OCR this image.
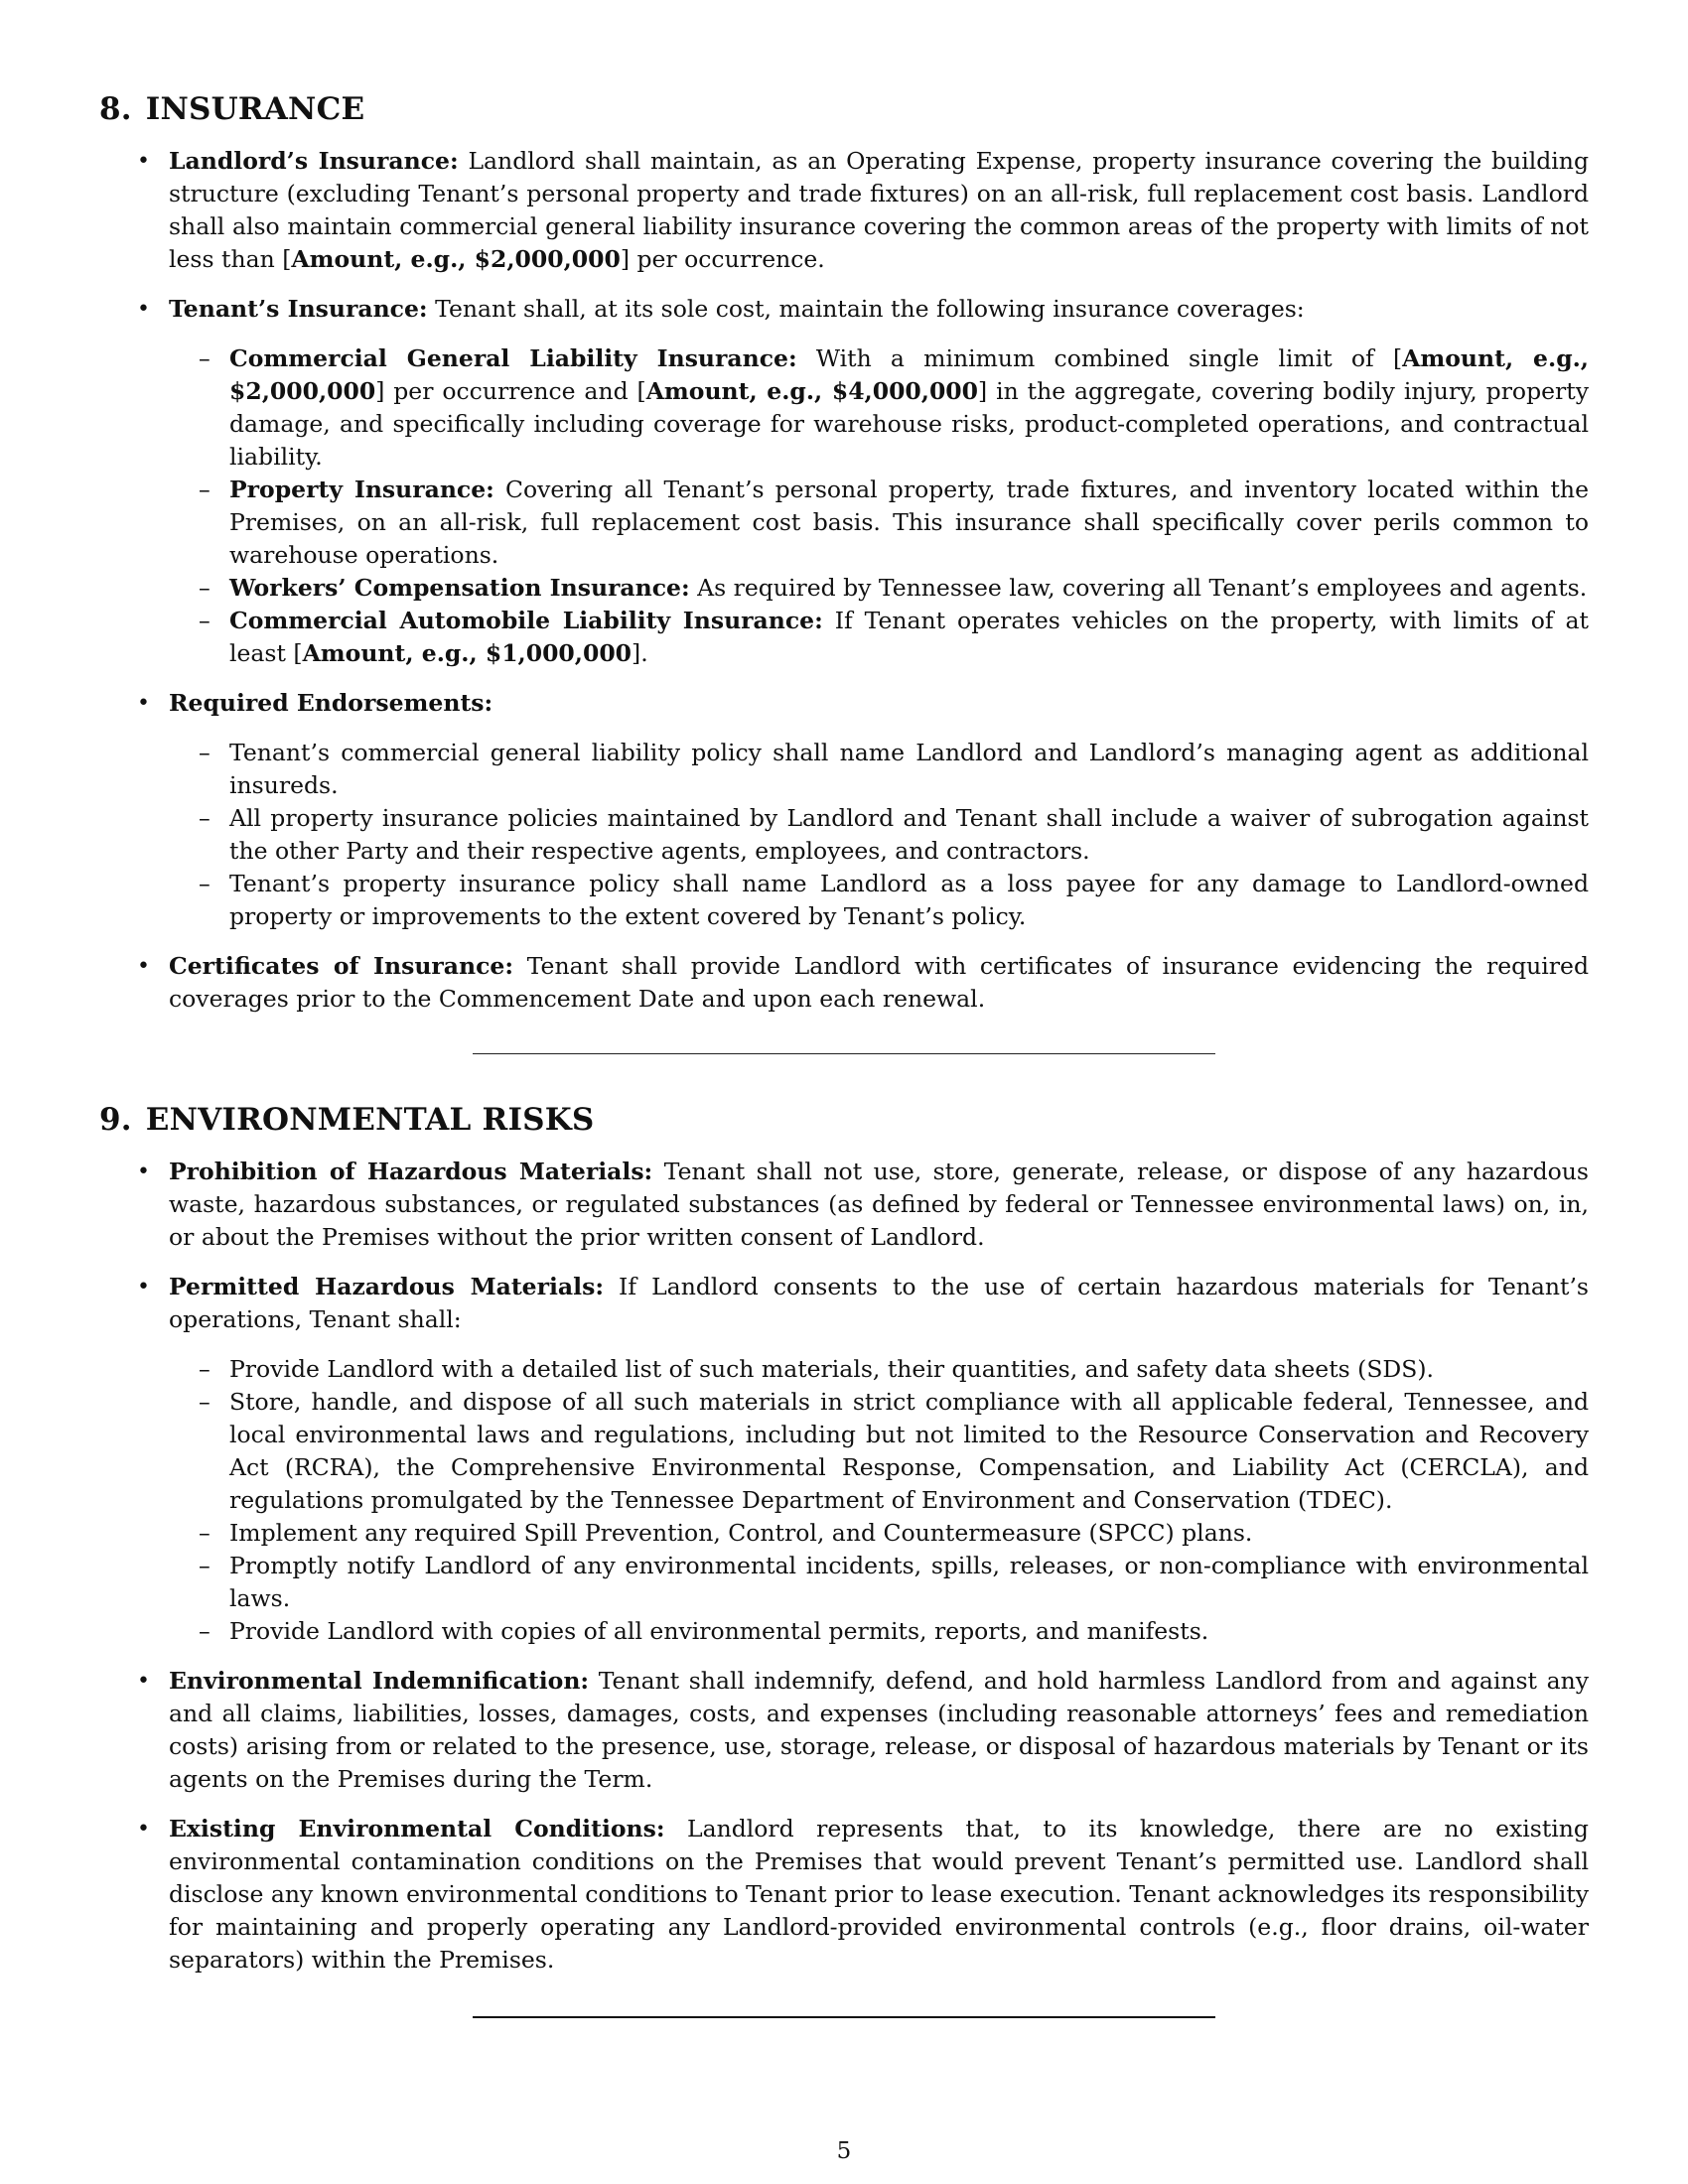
8. INSURANCE
• Landlord’s Insurance: Landlord shall maintain, as an Operating Expense, property insurance covering the building structure (excluding Tenant’s personal property and trade fixtures) on an all-risk, full replacement cost basis. Landlord shall also maintain commercial general liability insurance covering the common areas of the property with limits of not less than [Amount, e.g., $2,000,000] per occurrence.
• Tenant’s Insurance: Tenant shall, at its sole cost, maintain the following insurance coverages:
– Commercial General Liability Insurance: With a minimum combined single limit of [Amount, e.g., $2,000,000] per occurrence and [Amount, e.g., $4,000,000] in the aggregate, covering bodily injury, property damage, and specifically including coverage for warehouse risks, product-completed operations, and contractual liability.
– Property Insurance: Covering all Tenant’s personal property, trade fixtures, and inventory located within the Premises, on an all-risk, full replacement cost basis. This insurance shall specifically cover perils common to warehouse operations.
– Workers’ Compensation Insurance: As required by Tennessee law, covering all Tenant’s employees and agents.
– Commercial Automobile Liability Insurance: If Tenant operates vehicles on the property, with limits of at least [Amount, e.g., $1,000,000].
• Required Endorsements:
– Tenant’s commercial general liability policy shall name Landlord and Landlord’s managing agent as additional insureds.
– All property insurance policies maintained by Landlord and Tenant shall include a waiver of subrogation against the other Party and their respective agents, employees, and contractors.
– Tenant’s property insurance policy shall name Landlord as a loss payee for any damage to Landlord-owned property or improvements to the extent covered by Tenant’s policy.
• Certificates of Insurance: Tenant shall provide Landlord with certificates of insurance evidencing the required coverages prior to the Commencement Date and upon each renewal.
9. ENVIRONMENTAL RISKS
• Prohibition of Hazardous Materials: Tenant shall not use, store, generate, release, or dispose of any hazardous waste, hazardous substances, or regulated substances (as defined by federal or Tennessee environmental laws) on, in, or about the Premises without the prior written consent of Landlord.
• Permitted Hazardous Materials: If Landlord consents to the use of certain hazardous materials for Tenant’s operations, Tenant shall:
– Provide Landlord with a detailed list of such materials, their quantities, and safety data sheets (SDS).
– Store, handle, and dispose of all such materials in strict compliance with all applicable federal, Tennessee, and local environmental laws and regulations, including but not limited to the Resource Conservation and Recovery Act (RCRA), the Comprehensive Environmental Response, Compensation, and Liability Act (CERCLA), and regulations promulgated by the Tennessee Department of Environment and Conservation (TDEC).
– Implement any required Spill Prevention, Control, and Countermeasure (SPCC) plans.
– Promptly notify Landlord of any environmental incidents, spills, releases, or non-compliance with environmental laws.
– Provide Landlord with copies of all environmental permits, reports, and manifests.
• Environmental Indemnification: Tenant shall indemnify, defend, and hold harmless Landlord from and against any and all claims, liabilities, losses, damages, costs, and expenses (including reasonable attorneys’ fees and remediation costs) arising from or related to the presence, use, storage, release, or disposal of hazardous materials by Tenant or its agents on the Premises during the Term.
• Existing Environmental Conditions: Landlord represents that, to its knowledge, there are no existing environmental contamination conditions on the Premises that would prevent Tenant’s permitted use. Landlord shall disclose any known environmental conditions to Tenant prior to lease execution. Tenant acknowledges its responsibility for maintaining and properly operating any Landlord-provided environmental controls (e.g., floor drains, oil-water separators) within the Premises.
5
